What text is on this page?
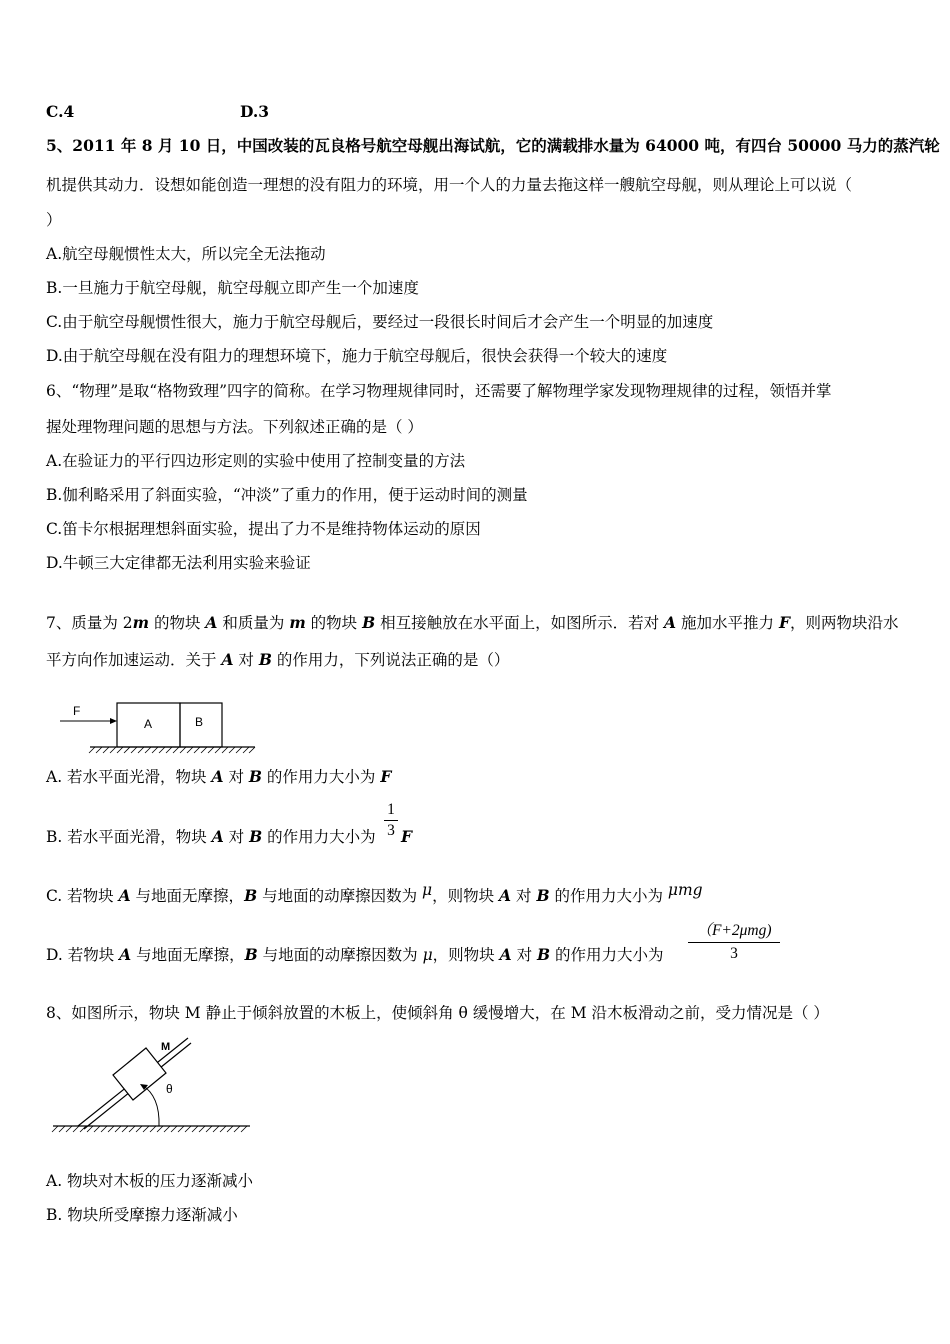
C.4	D.3
5、2011 年 8 月 10 日，中国改装的瓦良格号航空母舰出海试航，它的满载排水量为 64000 吨，有四台 50000 马力的蒸汽轮
机提供其动力．设想如能创造一理想的没有阻力的环境，用一个人的力量去拖这样一艘航空母舰，则从理论上可以说（
）
A.航空母舰惯性太大，所以完全无法拖动
B.一旦施力于航空母舰，航空母舰立即产生一个加速度
C.由于航空母舰惯性很大，施力于航空母舰后，要经过一段很长时间后才会产生一个明显的加速度
D.由于航空母舰在没有阻力的理想环境下，施力于航空母舰后，很快会获得一个较大的速度
6、“物理”是取“格物致理”四字的简称。在学习物理规律同时，还需要了解物理学家发现物理规律的过程，领悟并掌
握处理物理问题的思想与方法。下列叙述正确的是（ ）
A.在验证力的平行四边形定则的实验中使用了控制变量的方法
B.伽利略采用了斜面实验，“冲淡”了重力的作用，便于运动时间的测量
C.笛卡尔根据理想斜面实验，提出了力不是维持物体运动的原因
D.牛顿三大定律都无法利用实验来验证
7、质量为 2m 的物块 A 和质量为 m 的物块 B 相互接触放在水平面上，如图所示．若对 A 施加水平推力 F，则两物块沿水
平方向作加速运动．关于 A 对 B 的作用力，下列说法正确的是（）
F
A	B
A. 若水平面光滑，物块 A 对 B 的作用力大小为 F
B. 若水平面光滑，物块 A 对 B 的作用力大小为
1
3 F
C. 若物块 A 与地面无摩擦，B 与地面的动摩擦因数为 μ，则物块 A 对 B 的作用力大小为 μmg
D. 若物块 A 与地面无摩擦，B 与地面的动摩擦因数为 μ，则物块 A 对 B 的作用力大小为
（F+2μmg)
3
8、如图所示，物块 M 静止于倾斜放置的木板上，使倾斜角 θ 缓慢增大，在 M 沿木板滑动之前，受力情况是（ ）
M
θ
A. 物块对木板的压力逐渐减小
B. 物块所受摩擦力逐渐减小
